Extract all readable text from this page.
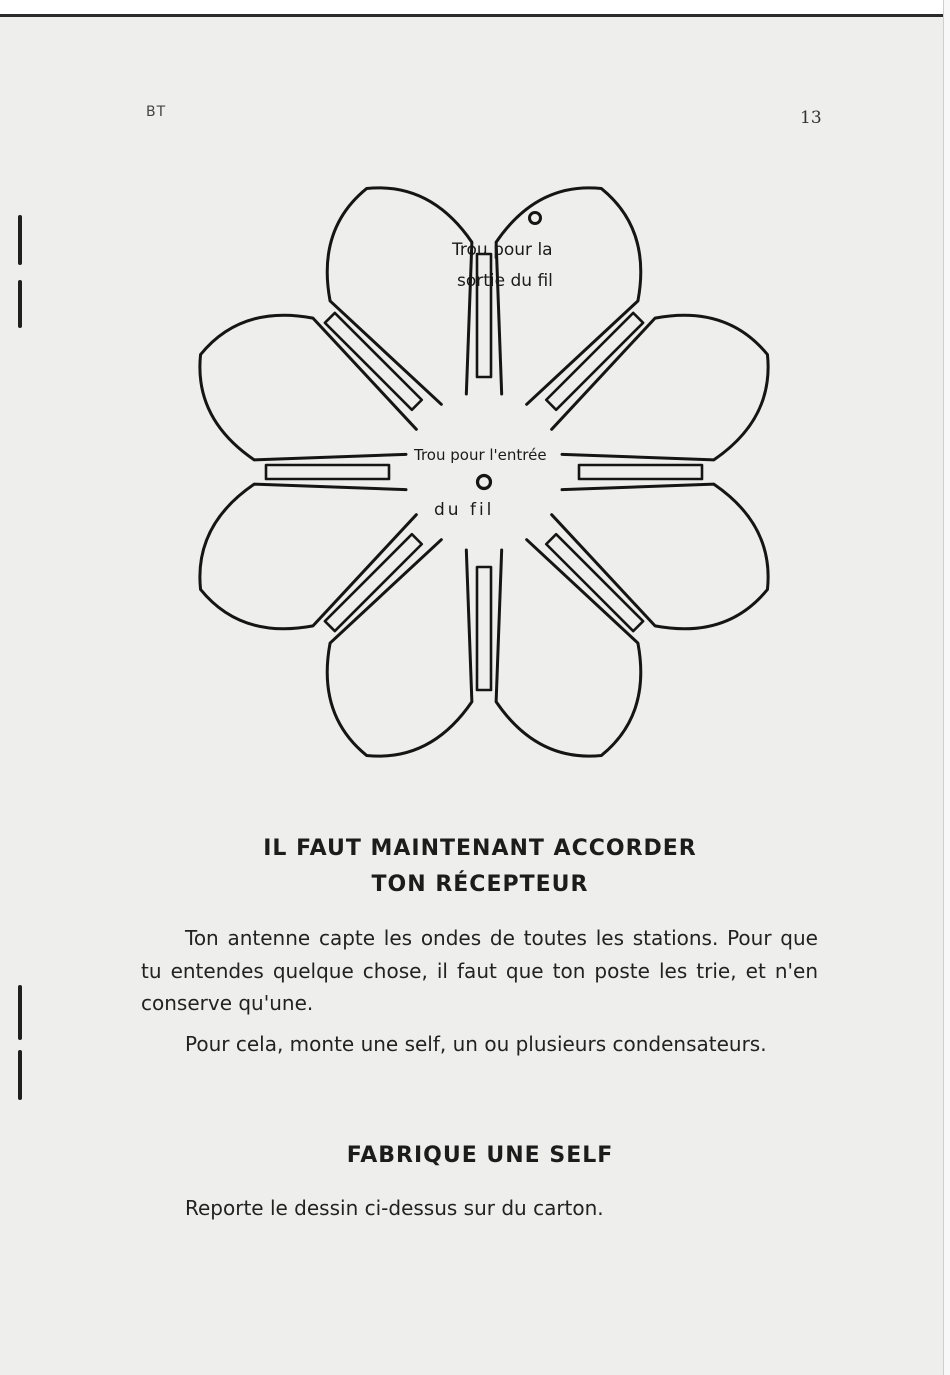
BT	13
Trou pour la
sortie du fil
Trou pour l'entrée
du fil
IL FAUT MAINTENANT ACCORDER
TON RÉCEPTEUR

Ton antenne capte les ondes de toutes les stations. Pour que tu entendes quelque chose, il faut que ton poste les trie, et n'en conserve qu'une.

Pour cela, monte une self, un ou plusieurs condensateurs.

FABRIQUE UNE SELF

Reporte le dessin ci-dessus sur du carton.
